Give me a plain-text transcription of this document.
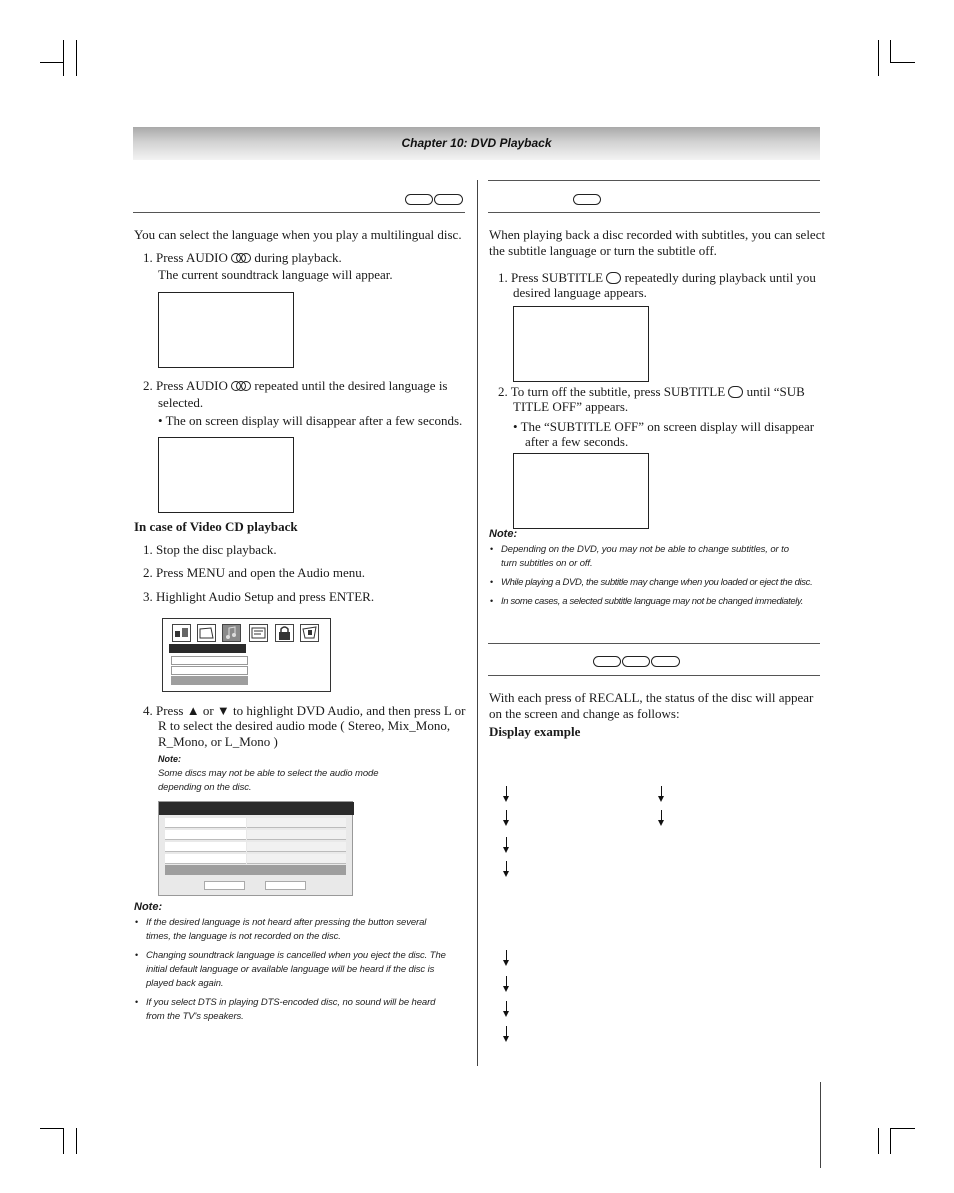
Chapter 10: DVD Playback
You can select the language when you play a multilingual disc.
1. Press AUDIO during playback.
The current soundtrack language will appear.
2. Press AUDIO repeated until the desired language is
selected.
• The on screen display will disappear after a few seconds.
In case of Video CD playback
1. Stop the disc playback.
2. Press MENU and open the Audio menu.
3. Highlight Audio Setup and press ENTER.
4. Press ▲ or ▼ to highlight DVD Audio, and then press L or
R to select the desired audio mode ( Stereo, Mix_Mono,
R_Mono, or L_Mono )
Note:
Some discs may not be able to select the audio mode
depending on the disc.
Note:
• If the desired language is not heard after pressing the button several
times, the language is not recorded on the disc.
• Changing soundtrack language is cancelled when you eject the disc. The
initial default language or available language will be heard if the disc is
played back again.
• If you select DTS in playing DTS-encoded disc, no sound will be heard
from the TV's speakers.
When playing back a disc recorded with subtitles, you can select
the subtitle language or turn the subtitle off.
1. Press SUBTITLE repeatedly during playback until you
desired language appears.
2. To turn off the subtitle, press SUBTITLE until “SUB
TITLE OFF” appears.
• The “SUBTITLE OFF” on screen display will disappear
after a few seconds.
Note:
• Depending on the DVD, you may not be able to change subtitles, or to
turn subtitles on or off.
• While playing a DVD, the subtitle may change when you loaded or eject the disc.
• In some cases, a selected subtitle language may not be changed immediately.
With each press of RECALL, the status of the disc will appear
on the screen and change as follows:
Display example
